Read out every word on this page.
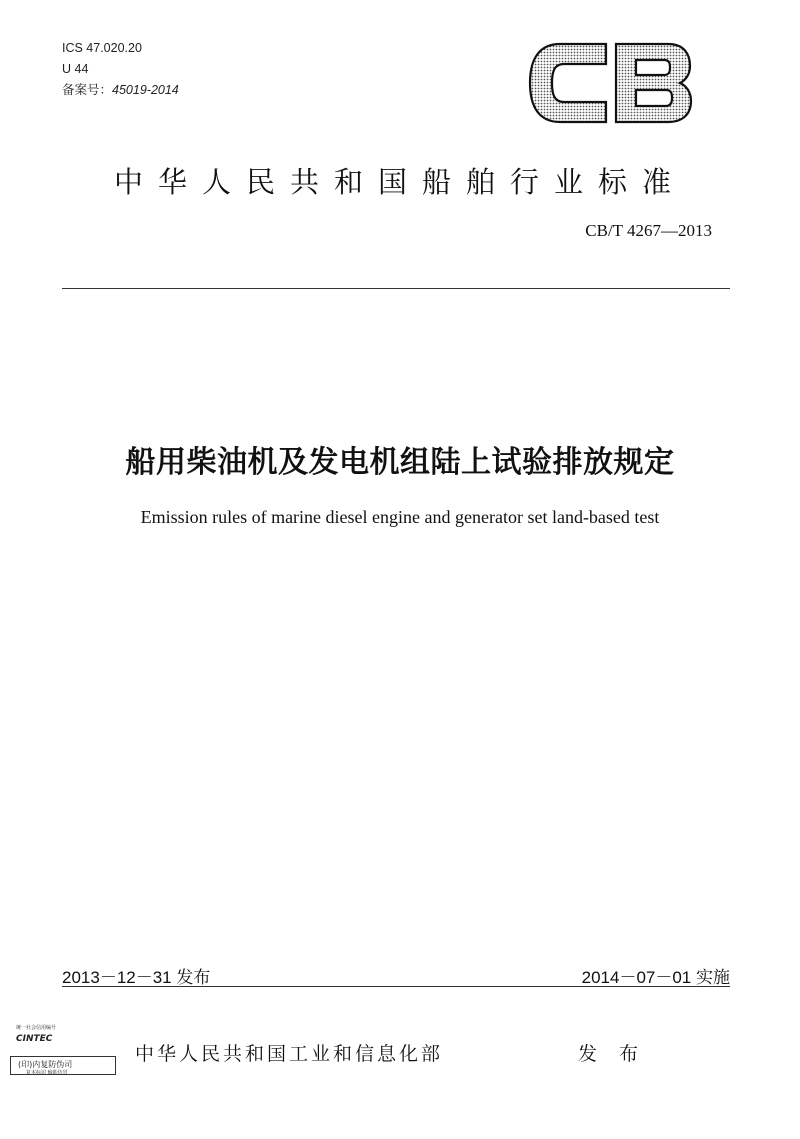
ICS 47.020.20
U 44
备案号：45019-2014
中华人民共和国船舶行业标准
CB/T 4267—2013
船用柴油机及发电机组陆上试验排放规定
Emission rules of marine diesel engine and generator set land-based test
2013－12－31 发布	2014－07－01 实施
统一社会信用编号
CINTEC
(印)内复防伪司
复本标识 输助仿冒
中华人民共和国工业和信息化部	发 布
